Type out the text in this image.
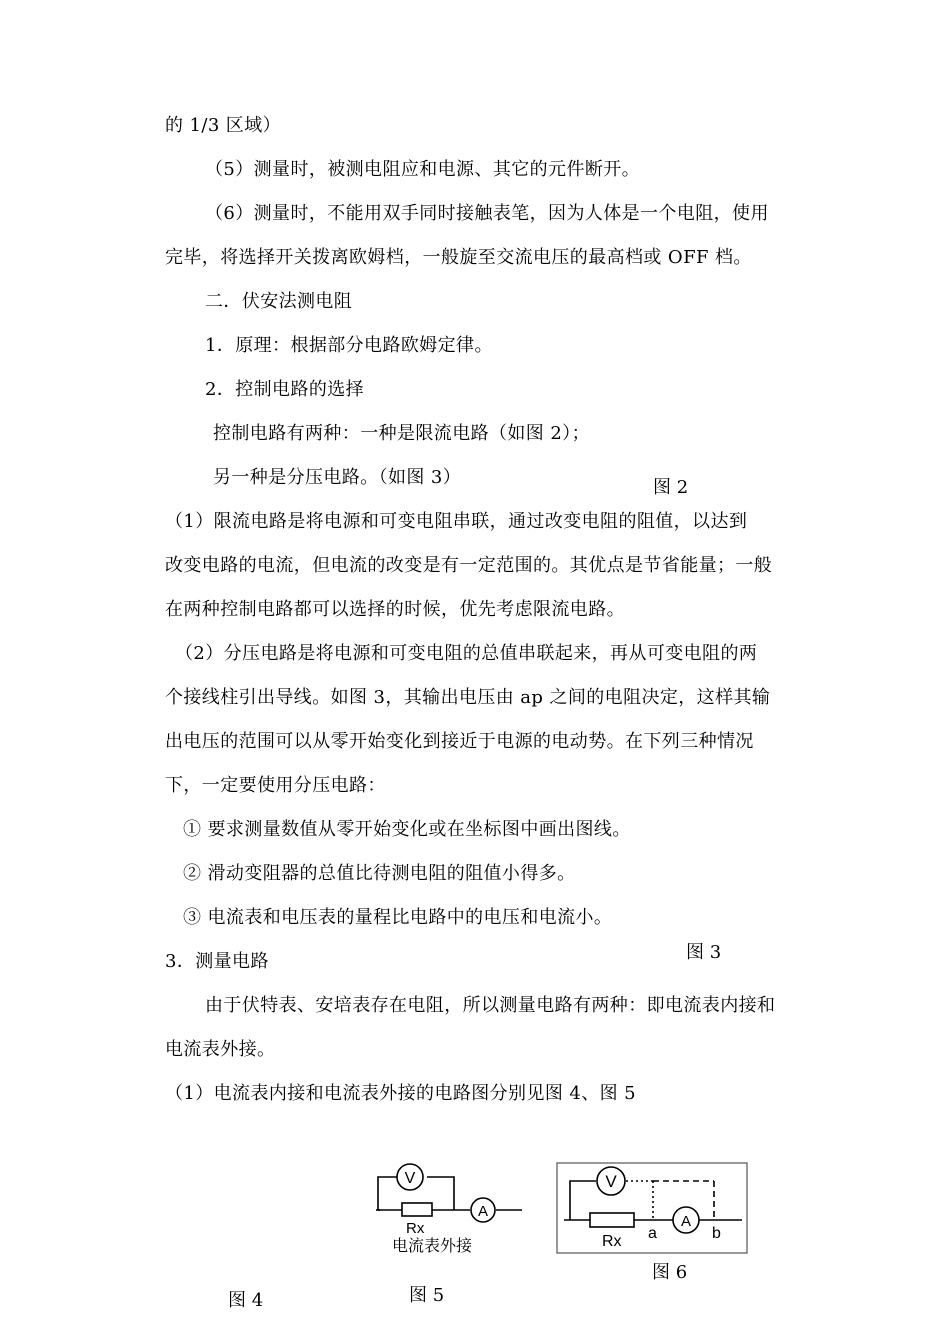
的 1/3 区域）
（5）测量时，被测电阻应和电源、其它的元件断开。
（6）测量时，不能用双手同时接触表笔，因为人体是一个电阻，使用
完毕，将选择开关拨离欧姆档，一般旋至交流电压的最高档或 OFF 档。
二．伏安法测电阻
1．原理：根据部分电路欧姆定律。
2．控制电路的选择
控制电路有两种：一种是限流电路（如图 2）；
另一种是分压电路。（如图 3）
（1）限流电路是将电源和可变电阻串联，通过改变电阻的阻值，以达到
改变电路的电流，但电流的改变是有一定范围的。其优点是节省能量；一般
在两种控制电路都可以选择的时候，优先考虑限流电路。
（2）分压电路是将电源和可变电阻的总值串联起来，再从可变电阻的两
个接线柱引出导线。如图 3，其输出电压由 ap 之间的电阻决定，这样其输
出电压的范围可以从零开始变化到接近于电源的电动势。在下列三种情况
下，一定要使用分压电路：
① 要求测量数值从零开始变化或在坐标图中画出图线。
② 滑动变阻器的总值比待测电阻的阻值小得多。
③ 电流表和电压表的量程比电路中的电压和电流小。
3．测量电路
由于伏特表、安培表存在电阻，所以测量电路有两种：即电流表内接和
电流表外接。
（1）电流表内接和电流表外接的电路图分别见图 4、图 5
图 2
图 3
V
A
Rx
电流表外接
V
A
Rx a	b
图 6
图 5
图 4
